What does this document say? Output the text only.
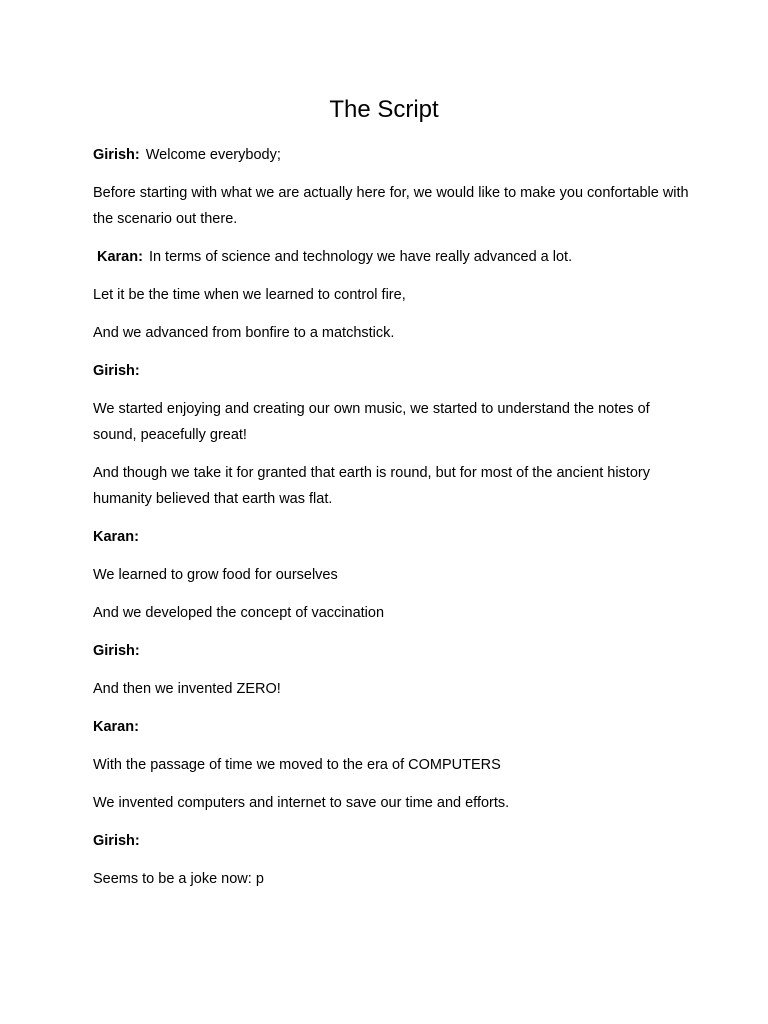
The Script

Girish: Welcome everybody;

Before starting with what we are actually here for, we would like to make you confortable with the scenario out there.

Karan: In terms of science and technology we have really advanced a lot.

Let it be the time when we learned to control fire,

And we advanced from bonfire to a matchstick.

Girish:

We started enjoying and creating our own music, we started to understand the notes of sound, peacefully great!

And though we take it for granted that earth is round, but for most of the ancient history humanity believed that earth was flat.

Karan:

We learned to grow food for ourselves

And we developed the concept of vaccination

Girish:

And then we invented ZERO!

Karan:

With the passage of time we moved to the era of COMPUTERS

We invented computers and internet to save our time and efforts.

Girish:

Seems to be a joke now: p
